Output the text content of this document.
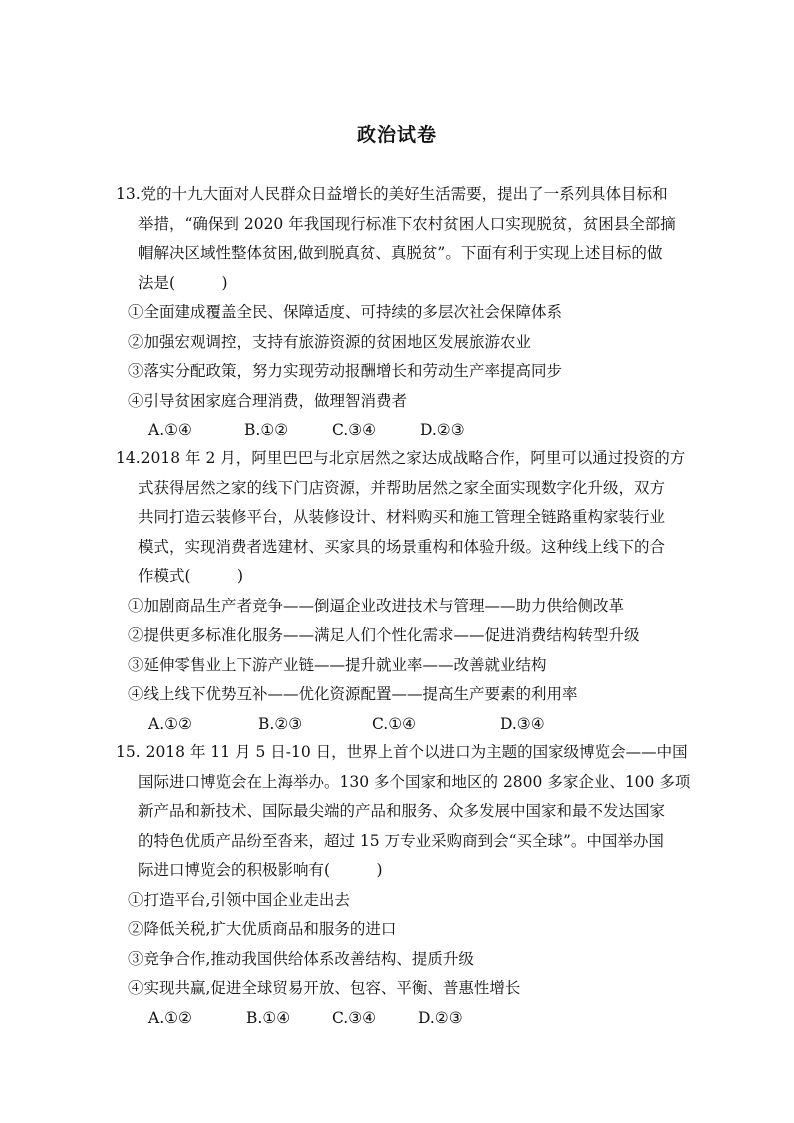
政治试卷
13.党的十九大面对人民群众日益增长的美好生活需要，提出了一系列具体目标和
举措，“确保到 2020 年我国现行标准下农村贫困人口实现脱贫，贫困县全部摘
帽解决区域性整体贫困,做到脱真贫、真脱贫”。下面有利于实现上述目标的做
法是(　　　)
①全面建成覆盖全民、保障适度、可持续的多层次社会保障体系
②加强宏观调控，支持有旅游资源的贫困地区发展旅游农业
③落实分配政策，努力实现劳动报酬增长和劳动生产率提高同步
④引导贫困家庭合理消费，做理智消费者
A.①④	B.①②	C.③④	D.②③
14.2018 年 2 月，阿里巴巴与北京居然之家达成战略合作，阿里可以通过投资的方
式获得居然之家的线下门店资源，并帮助居然之家全面实现数字化升级，双方
共同打造云装修平台，从装修设计、材料购买和施工管理全链路重构家装行业
模式，实现消费者选建材、买家具的场景重构和体验升级。这种线上线下的合
作模式(　　　)
①加剧商品生产者竞争——倒逼企业改进技术与管理——助力供给侧改革
②提供更多标准化服务——满足人们个性化需求——促进消费结构转型升级
③延伸零售业上下游产业链——提升就业率——改善就业结构
④线上线下优势互补——优化资源配置——提高生产要素的利用率
A.①②	B.②③	C.①④	D.③④
15. 2018 年 11 月 5 日-10 日，世界上首个以进口为主题的国家级博览会——中国
国际进口博览会在上海举办。130 多个国家和地区的 2800 多家企业、100 多项
新产品和新技术、国际最尖端的产品和服务、众多发展中国家和最不发达国家
的特色优质产品纷至沓来，超过 15 万专业采购商到会“买全球”。中国举办国
际进口博览会的积极影响有(　　　)
①打造平台,引领中国企业走出去
②降低关税,扩大优质商品和服务的进口
③竞争合作,推动我国供给体系改善结构、提质升级
④实现共赢,促进全球贸易开放、包容、平衡、普惠性增长
A.①②	B.①④	C.③④	D.②③
